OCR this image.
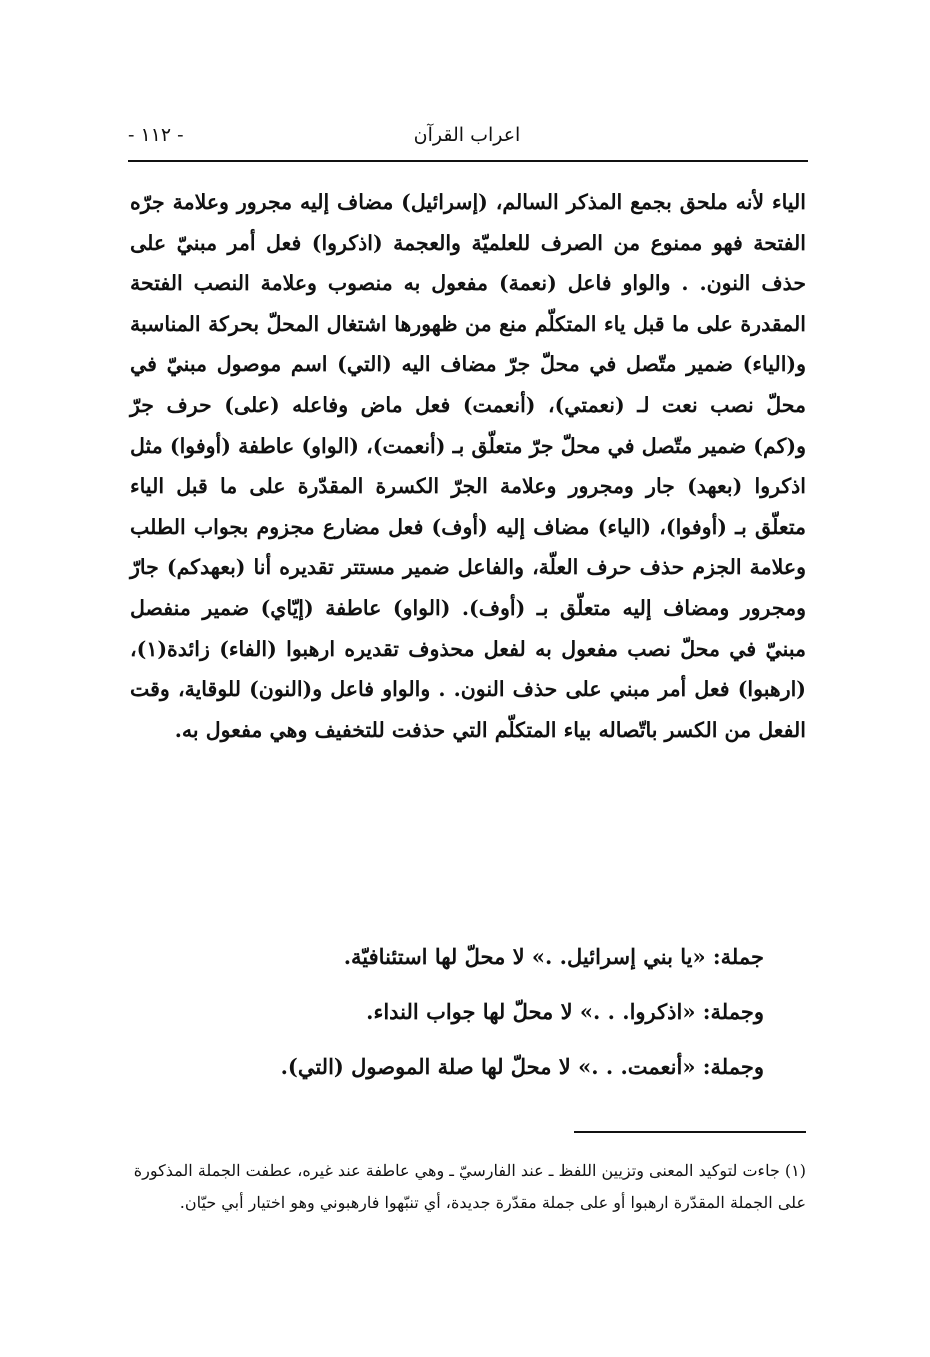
اعراب القرآن
- ١١٢ -

الياء لأنه ملحق بجمع المذكر السالم، (إسرائيل) مضاف إليه مجرور وعلامة جرّه الفتحة فهو ممنوع من الصرف للعلميّة والعجمة (اذكروا) فعل أمر مبنيّ على حذف النون. . والواو فاعل (نعمة) مفعول به منصوب وعلامة النصب الفتحة المقدرة على ما قبل ياء المتكلّم منع من ظهورها اشتغال المحلّ بحركة المناسبة و(الياء) ضمير متّصل في محلّ جرّ مضاف اليه (التي) اسم موصول مبنيّ في محلّ نصب نعت لـ (نعمتي)، (أنعمت) فعل ماض وفاعله (على) حرف جرّ و(كم) ضمير متّصل في محلّ جرّ متعلّق بـ (أنعمت)، (الواو) عاطفة (أوفوا) مثل اذكروا (بعهد) جار ومجرور وعلامة الجرّ الكسرة المقدّرة على ما قبل الياء متعلّق بـ (أوفوا)، (الياء) مضاف إليه (أوف) فعل مضارع مجزوم بجواب الطلب وعلامة الجزم حذف حرف العلّة، والفاعل ضمير مستتر تقديره أنا (بعهدكم) جارّ ومجرور ومضاف إليه متعلّق بـ (أوف). (الواو) عاطفة (إيّاي) ضمير منفصل مبنيّ في محلّ نصب مفعول به لفعل محذوف تقديره ارهبوا (الفاء) زائدة(١)، (ارهبوا) فعل أمر مبني على حذف النون. . والواو فاعل و(النون) للوقاية، وقت الفعل من الكسر باتّصاله بياء المتكلّم التي حذفت للتخفيف وهي مفعول به.

جملة: «يا بني إسرائيل. .» لا محلّ لها استئنافيّة.
وجملة: «اذكروا. . .» لا محلّ لها جواب النداء.
وجملة: «أنعمت. . .» لا محلّ لها صلة الموصول (التي).

(١) جاءت لتوكيد المعنى وتزيين اللفظ ـ عند الفارسيّ ـ وهي عاطفة عند غيره، عطفت الجملة المذكورة على الجملة المقدّرة ارهبوا أو على جملة مقدّرة جديدة، أي تنبّهوا فارهبوني وهو اختيار أبي حيّان.
